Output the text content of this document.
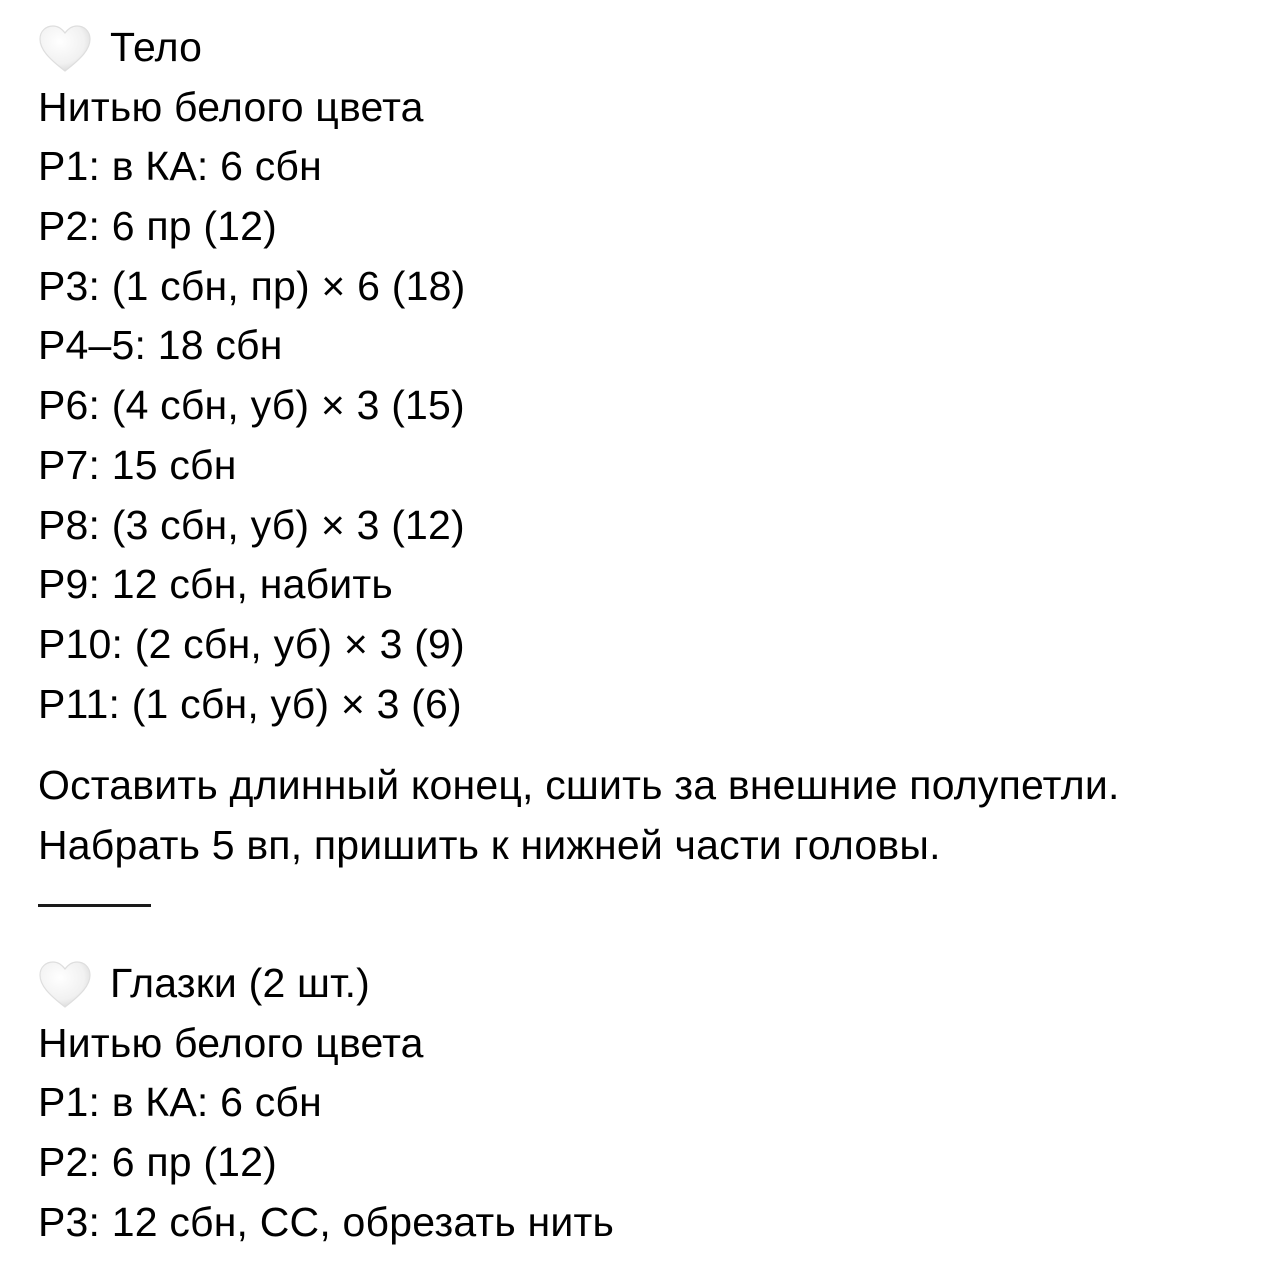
Тело
Нитью белого цвета
Р1: в КА: 6 сбн
Р2: 6 пр (12)
Р3: (1 сбн, пр) × 6 (18)
Р4–5: 18 сбн
Р6: (4 сбн, уб) × 3 (15)
Р7: 15 сбн
Р8: (3 сбн, уб) × 3 (12)
Р9: 12 сбн, набить
Р10: (2 сбн, уб) × 3 (9)
Р11: (1 сбн, уб) × 3 (6)
Оставить длинный конец, сшить за внешние полупетли.
Набрать 5 вп, пришить к нижней части головы.
Глазки (2 шт.)
Нитью белого цвета
Р1: в КА: 6 сбн
Р2: 6 пр (12)
Р3: 12 сбн, СС, обрезать нить
